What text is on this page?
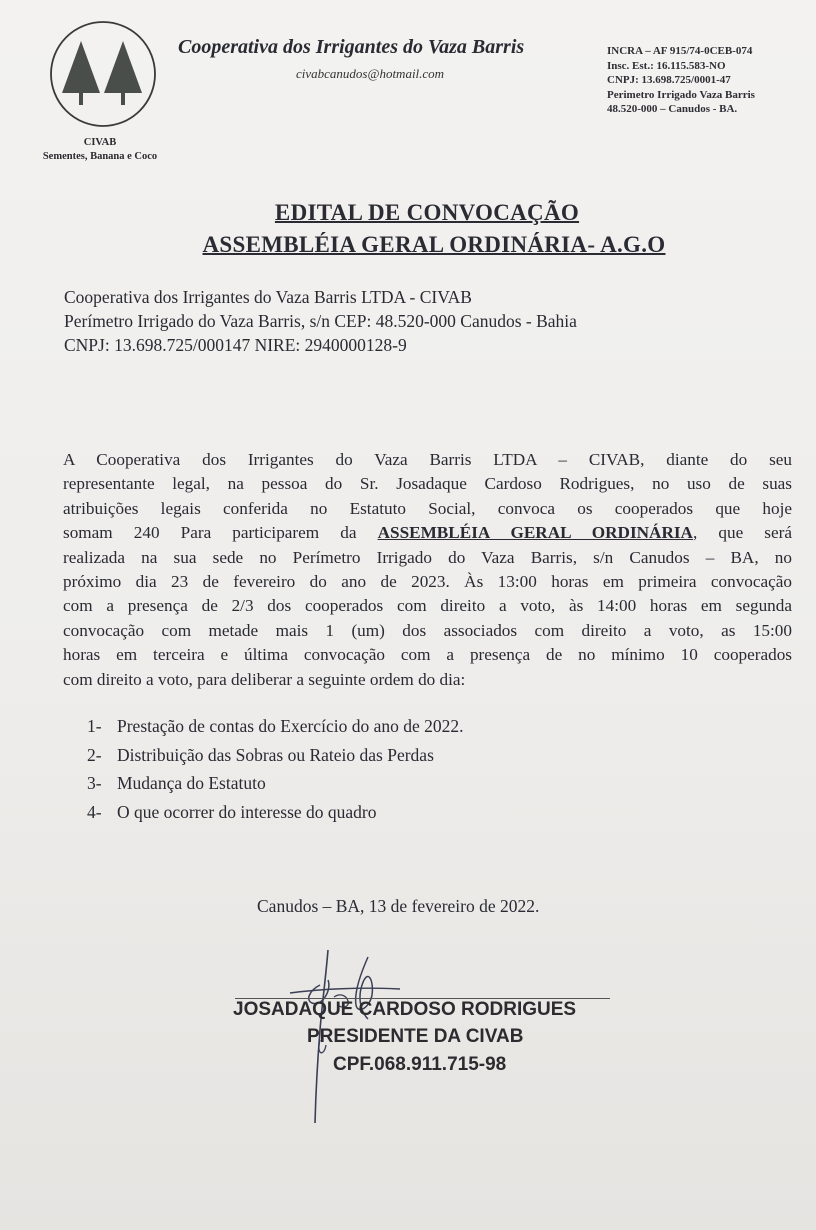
CIVAB
Sementes, Banana e Coco
Cooperativa dos Irrigantes do Vaza Barris
civabcanudos@hotmail.com
INCRA – AF 915/74-0CEB-074
Insc. Est.: 16.115.583-NO
CNPJ: 13.698.725/0001-47
Perimetro Irrigado Vaza Barris
48.520-000 – Canudos - BA.
EDITAL DE CONVOCAÇÃO
ASSEMBLÉIA GERAL ORDINÁRIA- A.G.O
Cooperativa dos Irrigantes do Vaza Barris LTDA - CIVAB
Perímetro Irrigado do Vaza Barris, s/n CEP: 48.520-000 Canudos - Bahia
CNPJ: 13.698.725/000147 NIRE: 2940000128-9
A Cooperativa dos Irrigantes do Vaza Barris LTDA – CIVAB, diante do seu
representante legal, na pessoa do Sr. Josadaque Cardoso Rodrigues, no uso de suas
atribuições legais conferida no Estatuto Social, convoca os cooperados que hoje
somam 240 Para participarem da ASSEMBLÉIA GERAL ORDINÁRIA, que será
realizada na sua sede no Perímetro Irrigado do Vaza Barris, s/n Canudos – BA, no
próximo dia 23 de fevereiro do ano de 2023. Às 13:00 horas em primeira convocação
com a presença de 2/3 dos cooperados com direito a voto, às 14:00 horas em segunda
convocação com metade mais 1 (um) dos associados com direito a voto, as 15:00
horas em terceira e última convocação com a presença de no mínimo 10 cooperados
com direito a voto, para deliberar a seguinte ordem do dia:
1- Prestação de contas do Exercício do ano de 2022.
2- Distribuição das Sobras ou Rateio das Perdas
3- Mudança do Estatuto
4- O que ocorrer do interesse do quadro
Canudos – BA, 13 de fevereiro de 2022.
JOSADAQUE CARDOSO RODRIGUES
PRESIDENTE DA CIVAB
CPF.068.911.715-98
